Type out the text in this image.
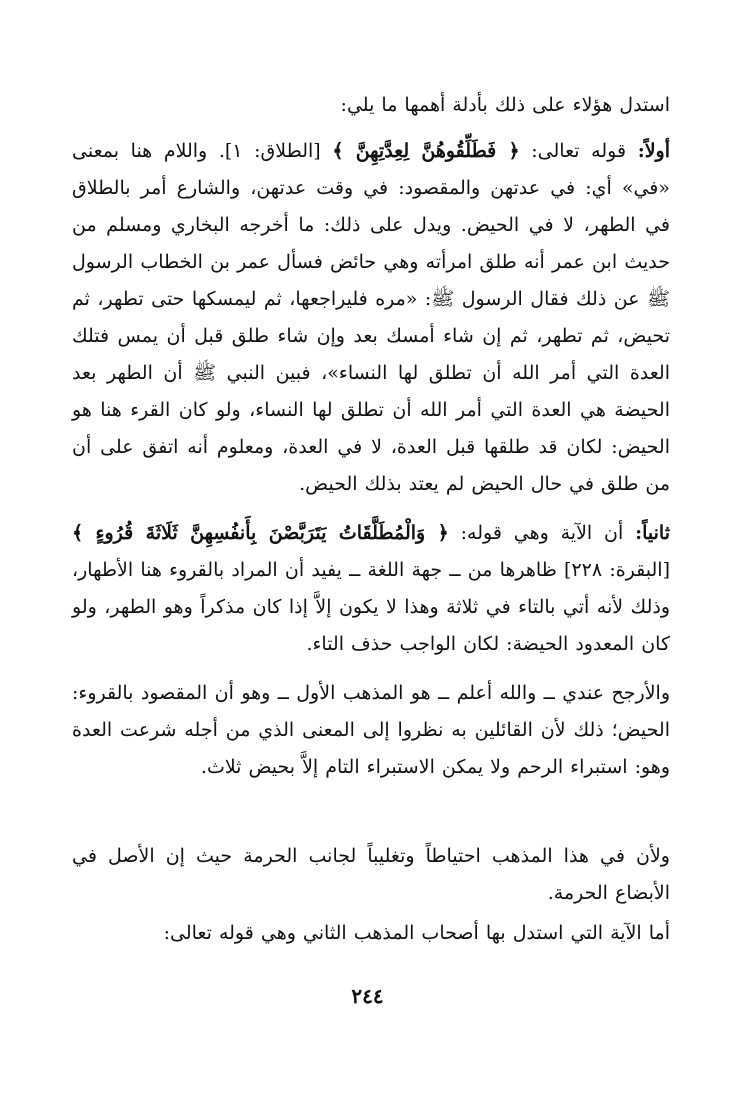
استدل هؤلاء على ذلك بأدلة أهمها ما يلي:

أولاً: قوله تعالى: ﴿ فَطَلِّقُوهُنَّ لِعِدَّتِهِنَّ ﴾ [الطلاق: ١]. واللام هنا بمعنى «في» أي: في عدتهن والمقصود: في وقت عدتهن، والشارع أمر بالطلاق في الطهر، لا في الحيض. ويدل على ذلك: ما أخرجه البخاري ومسلم من حديث ابن عمر أنه طلق امرأته وهي حائض فسأل عمر بن الخطاب الرسول ﷺ عن ذلك فقال الرسول ﷺ: «مره فليراجعها، ثم ليمسكها حتى تطهر، ثم تحيض، ثم تطهر، ثم إن شاء أمسك بعد وإن شاء طلق قبل أن يمس فتلك العدة التي أمر الله أن تطلق لها النساء»، فبين النبي ﷺ أن الطهر بعد الحيضة هي العدة التي أمر الله أن تطلق لها النساء، ولو كان القرء هنا هو الحيض: لكان قد طلقها قبل العدة، لا في العدة، ومعلوم أنه اتفق على أن من طلق في حال الحيض لم يعتد بذلك الحيض.

ثانياً: أن الآية وهي قوله: ﴿ وَالْمُطَلَّقَاتُ يَتَرَبَّصْنَ بِأَنفُسِهِنَّ ثَلَاثَةَ قُرُوءٍ ﴾ [البقرة: ٢٢٨] ظاهرها من ــ جهة اللغة ــ يفيد أن المراد بالقروء هنا الأطهار، وذلك لأنه أتي بالتاء في ثلاثة وهذا لا يكون إلاَّ إذا كان مذكراً وهو الطهر، ولو كان المعدود الحيضة: لكان الواجب حذف التاء.

والأرجح عندي ــ والله أعلم ــ هو المذهب الأول ــ وهو أن المقصود بالقروء: الحيض؛ ذلك لأن القائلين به نظروا إلى المعنى الذي من أجله شرعت العدة وهو: استبراء الرحم ولا يمكن الاستبراء التام إلاَّ بحيض ثلاث.

ولأن في هذا المذهب احتياطاً وتغليباً لجانب الحرمة حيث إن الأصل في الأبضاع الحرمة.

أما الآية التي استدل بها أصحاب المذهب الثاني وهي قوله تعالى:

٢٤٤
